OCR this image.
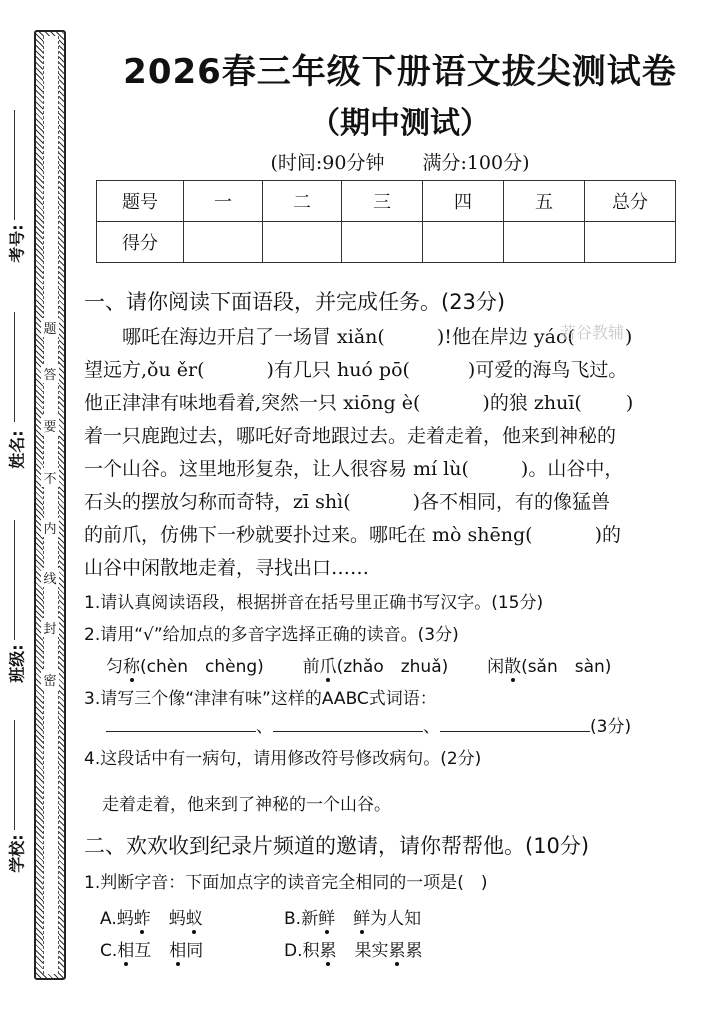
题
答
要
不
内
线
封
密
考号:
姓名:
班级:
学校:
2026春三年级下册语文拔尖测试卷
（期中测试）
(时间:90分钟　　满分:100分)
题号	一	二	三	四	五	总分
得分						
一、请你阅读下面语段，并完成任务。(23分)
　　哪吒在海边开启了一场冒 xiǎn(	)!他在岸边 yáo(	)
若谷教辅
望远方,ǒu ěr(	)有几只 huó pō(	)可爱的海鸟飞过。
他正津津有味地看着,突然一只 xiōng è(	)的狼 zhuī( )
着一只鹿跑过去，哪吒好奇地跟过去。走着走着，他来到神秘的
一个山谷。这里地形复杂，让人很容易 mí lù(	)。山谷中，
石头的摆放匀称而奇特，zī shì(	)各不相同，有的像猛兽
的前爪，仿佛下一秒就要扑过来。哪吒在 mò shēng(	)的
山谷中闲散地走着，寻找出口……
1.请认真阅读语段，根据拼音在括号里正确书写汉字。(15分)
2.请用“√”给加点的多音字选择正确的读音。(3分)
匀称(chèn　chèng) 前爪(zhǎo　zhuǎ) 闲散(sǎn　sàn)
3.请写三个像“津津有味”这样的AABC式词语：
、	、	(3分)
4.这段话中有一病句，请用修改符号修改病句。(2分)
走着走着，他来到了神秘的一个山谷。
二、欢欢收到纪录片频道的邀请，请你帮帮他。(10分)
1.判断字音：下面加点字的读音完全相同的一项是(　)
A.蚂蚱 蚂蚁	B.新鲜 鲜为人知
C.相互 相同	D.积累 果实累累
